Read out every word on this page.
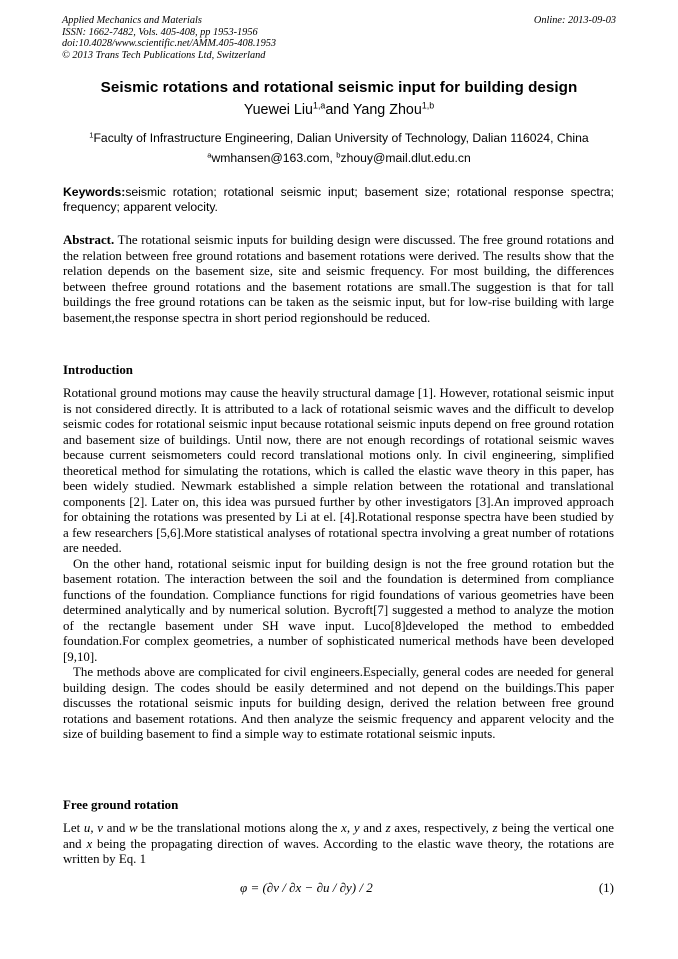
Applied Mechanics and Materials
ISSN: 1662-7482, Vols. 405-408, pp 1953-1956
doi:10.4028/www.scientific.net/AMM.405-408.1953
© 2013 Trans Tech Publications Ltd, Switzerland
Online: 2013-09-03
Seismic rotations and rotational seismic input for building design
Yuewei Liu$^{1,a}$and Yang Zhou$^{1,b}$
$^1$Faculty of Infrastructure Engineering, Dalian University of Technology, Dalian 116024, China
$^a$wmhansen@163.com, $^b$zhouy@mail.dlut.edu.cn
Keywords:seismic rotation; rotational seismic input; basement size; rotational response spectra; frequency; apparent velocity.
Abstract. The rotational seismic inputs for building design were discussed. The free ground rotations and the relation between free ground rotations and basement rotations were derived. The results show that the relation depends on the basement size, site and seismic frequency. For most building, the differences between thefree ground rotations and the basement rotations are small.The suggestion is that for tall buildings the free ground rotations can be taken as the seismic input, but for low-rise building with large basement,the response spectra in short period regionshould be reduced.
Introduction

Rotational ground motions may cause the heavily structural damage [1]. However, rotational seismic input is not considered directly. It is attributed to a lack of rotational seismic waves and the difficult to develop seismic codes for rotational seismic input because rotational seismic inputs depend on free ground rotation and basement size of buildings. Until now, there are not enough recordings of rotational seismic waves because current seismometers could record translational motions only. In civil engineering, simplified theoretical method for simulating the rotations, which is called the elastic wave theory in this paper, has been widely studied. Newmark established a simple relation between the rotational and translational components [2]. Later on, this idea was pursued further by other investigators [3].An improved approach for obtaining the rotations was presented by Li at el. [4].Rotational response spectra have been studied by a few researchers [5,6].More statistical analyses of rotational spectra involving a great number of rotations are needed.

On the other hand, rotational seismic input for building design is not the free ground rotation but the basement rotation. The interaction between the soil and the foundation is determined from compliance functions of the foundation. Compliance functions for rigid foundations of various geometries have been determined analytically and by numerical solution. Bycroft[7] suggested a method to analyze the motion of the rectangle basement under SH wave input. Luco[8]developed the method to embedded foundation.For complex geometries, a number of sophisticated numerical methods have been developed [9,10].

The methods above are complicated for civil engineers.Especially, general codes are needed for general building design. The codes should be easily determined and not depend on the buildings.This paper discusses the rotational seismic inputs for building design, derived the relation between free ground rotations and basement rotations. And then analyze the seismic frequency and apparent velocity and the size of building basement to find a simple way to estimate rotational seismic inputs.

Free ground rotation

Let u, v and w be the translational motions along the x, y and z axes, respectively, z being the vertical one and x being the propagating direction of waves. According to the elastic wave theory, the rotations are written by Eq. 1

φ = (∂v / ∂x − ∂u / ∂y) / 2	(1)
